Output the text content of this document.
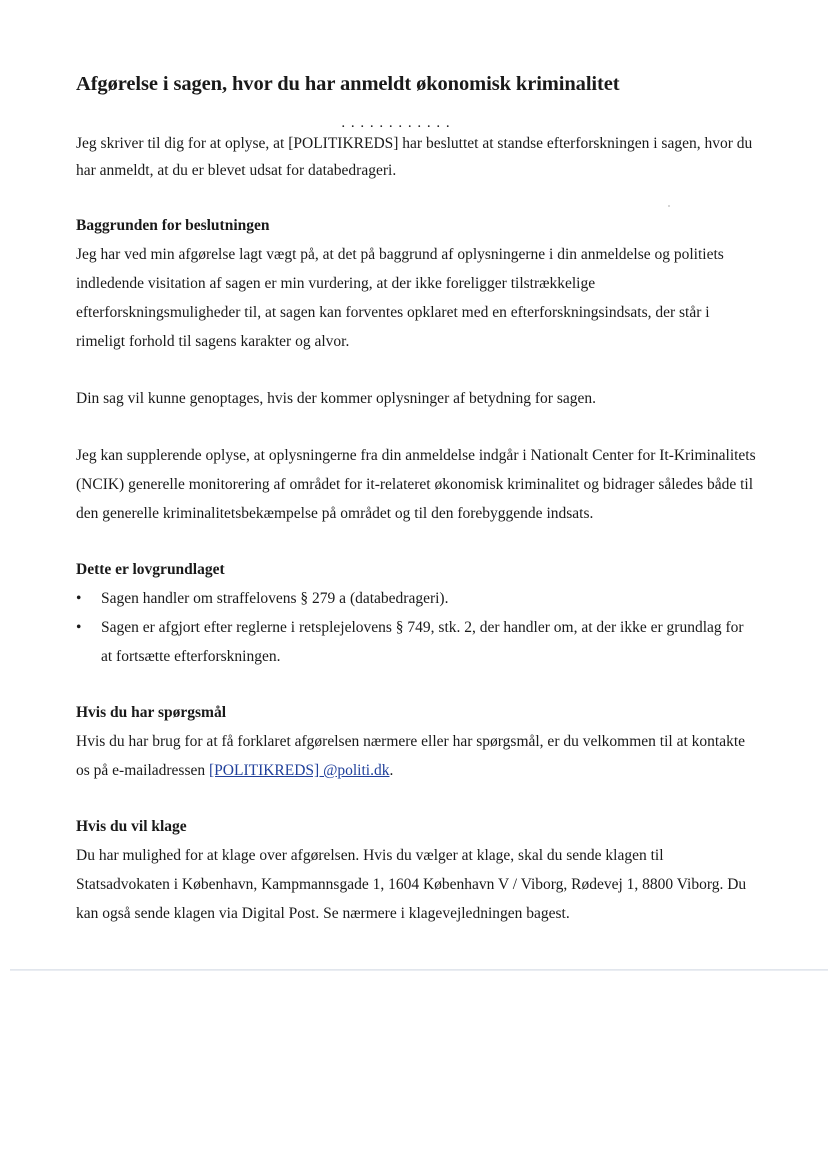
Afgørelse i sagen, hvor du har anmeldt økonomisk kriminalitet
. . . . . . . . . . . .

Jeg skriver til dig for at oplyse, at [POLITIKREDS] har besluttet at standse efterforskningen i sagen, hvor du har anmeldt, at du er blevet udsat for databedrageri.

Baggrunden for beslutningen

Jeg har ved min afgørelse lagt vægt på, at det på baggrund af oplysningerne i din anmeldelse og politiets indledende visitation af sagen er min vurdering, at der ikke foreligger tilstrækkelige efterforskningsmuligheder til, at sagen kan forventes opklaret med en efterforskningsindsats, der står i rimeligt forhold til sagens karakter og alvor.

Din sag vil kunne genoptages, hvis der kommer oplysninger af betydning for sagen.

Jeg kan supplerende oplyse, at oplysningerne fra din anmeldelse indgår i Nationalt Center for It-Kriminalitets (NCIK) generelle monitorering af området for it-relateret økonomisk kriminalitet og bidrager således både til den generelle kriminalitetsbekæmpelse på området og til den forebyggende indsats.

Dette er lovgrundlaget
• Sagen handler om straffelovens § 279 a (databedrageri).
• Sagen er afgjort efter reglerne i retsplejelovens § 749, stk. 2, der handler om, at der ikke er grundlag for at fortsætte efterforskningen.
Hvis du har spørgsmål

Hvis du har brug for at få forklaret afgørelsen nærmere eller har spørgsmål, er du velkommen til at kontakte os på e-mailadressen [POLITIKREDS] @politi.dk.

Hvis du vil klage

Du har mulighed for at klage over afgørelsen. Hvis du vælger at klage, skal du sende klagen til Statsadvokaten i København, Kampmannsgade 1, 1604 København V / Viborg, Rødevej 1, 8800 Viborg. Du kan også sende klagen via Digital Post. Se nærmere i klagevejledningen bagest.
